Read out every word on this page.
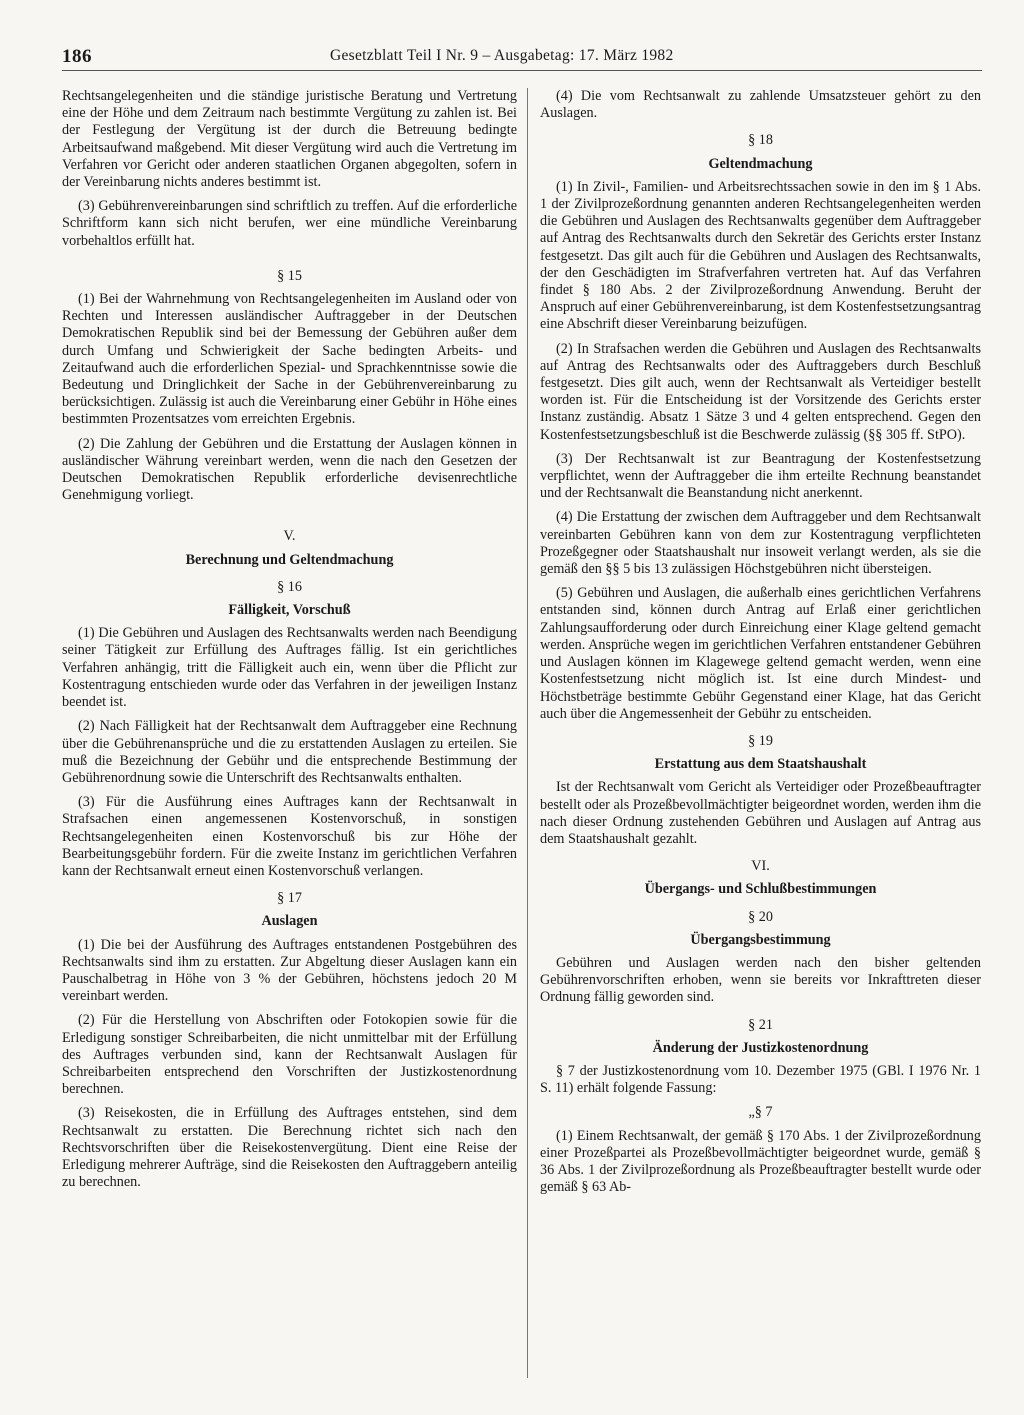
186	Gesetzblatt Teil I Nr. 9 – Ausgabetag: 17. März 1982

Rechtsangelegenheiten und die ständige juristische Beratung und Vertretung eine der Höhe und dem Zeitraum nach bestimmte Vergütung zu zahlen ist. Bei der Festlegung der Vergütung ist der durch die Betreuung bedingte Arbeitsaufwand maßgebend. Mit dieser Vergütung wird auch die Vertretung im Verfahren vor Gericht oder anderen staatlichen Organen abgegolten, sofern in der Vereinbarung nichts anderes bestimmt ist.

(3) Gebührenvereinbarungen sind schriftlich zu treffen. Auf die erforderliche Schriftform kann sich nicht berufen, wer eine mündliche Vereinbarung vorbehaltlos erfüllt hat.

§ 15

(1) Bei der Wahrnehmung von Rechtsangelegenheiten im Ausland oder von Rechten und Interessen ausländischer Auftraggeber in der Deutschen Demokratischen Republik sind bei der Bemessung der Gebühren außer dem durch Umfang und Schwierigkeit der Sache bedingten Arbeits- und Zeitaufwand auch die erforderlichen Spezial- und Sprachkenntnisse sowie die Bedeutung und Dringlichkeit der Sache in der Gebührenvereinbarung zu berücksichtigen. Zulässig ist auch die Vereinbarung einer Gebühr in Höhe eines bestimmten Prozentsatzes vom erreichten Ergebnis.

(2) Die Zahlung der Gebühren und die Erstattung der Auslagen können in ausländischer Währung vereinbart werden, wenn die nach den Gesetzen der Deutschen Demokratischen Republik erforderliche devisenrechtliche Genehmigung vorliegt.

V.
Berechnung und Geltendmachung
§ 16
Fälligkeit, Vorschuß

(1) Die Gebühren und Auslagen des Rechtsanwalts werden nach Beendigung seiner Tätigkeit zur Erfüllung des Auftrages fällig. Ist ein gerichtliches Verfahren anhängig, tritt die Fälligkeit auch ein, wenn über die Pflicht zur Kostentragung entschieden wurde oder das Verfahren in der jeweiligen Instanz beendet ist.

(2) Nach Fälligkeit hat der Rechtsanwalt dem Auftraggeber eine Rechnung über die Gebührenansprüche und die zu erstattenden Auslagen zu erteilen. Sie muß die Bezeichnung der Gebühr und die entsprechende Bestimmung der Gebührenordnung sowie die Unterschrift des Rechtsanwalts enthalten.

(3) Für die Ausführung eines Auftrages kann der Rechtsanwalt in Strafsachen einen angemessenen Kostenvorschuß, in sonstigen Rechtsangelegenheiten einen Kostenvorschuß bis zur Höhe der Bearbeitungsgebühr fordern. Für die zweite Instanz im gerichtlichen Verfahren kann der Rechtsanwalt erneut einen Kostenvorschuß verlangen.

§ 17
Auslagen

(1) Die bei der Ausführung des Auftrages entstandenen Postgebühren des Rechtsanwalts sind ihm zu erstatten. Zur Abgeltung dieser Auslagen kann ein Pauschalbetrag in Höhe von 3 % der Gebühren, höchstens jedoch 20 M vereinbart werden.

(2) Für die Herstellung von Abschriften oder Fotokopien sowie für die Erledigung sonstiger Schreibarbeiten, die nicht unmittelbar mit der Erfüllung des Auftrages verbunden sind, kann der Rechtsanwalt Auslagen für Schreibarbeiten entsprechend den Vorschriften der Justizkostenordnung berechnen.

(3) Reisekosten, die in Erfüllung des Auftrages entstehen, sind dem Rechtsanwalt zu erstatten. Die Berechnung richtet sich nach den Rechtsvorschriften über die Reisekostenvergütung. Dient eine Reise der Erledigung mehrerer Aufträge, sind die Reisekosten den Auftraggebern anteilig zu berechnen.

(4) Die vom Rechtsanwalt zu zahlende Umsatzsteuer gehört zu den Auslagen.

§ 18
Geltendmachung

(1) In Zivil-, Familien- und Arbeitsrechtssachen sowie in den im § 1 Abs. 1 der Zivilprozeßordnung genannten anderen Rechtsangelegenheiten werden die Gebühren und Auslagen des Rechtsanwalts gegenüber dem Auftraggeber auf Antrag des Rechtsanwalts durch den Sekretär des Gerichts erster Instanz festgesetzt. Das gilt auch für die Gebühren und Auslagen des Rechtsanwalts, der den Geschädigten im Strafverfahren vertreten hat. Auf das Verfahren findet § 180 Abs. 2 der Zivilprozeßordnung Anwendung. Beruht der Anspruch auf einer Gebührenvereinbarung, ist dem Kostenfestsetzungsantrag eine Abschrift dieser Vereinbarung beizufügen.

(2) In Strafsachen werden die Gebühren und Auslagen des Rechtsanwalts auf Antrag des Rechtsanwalts oder des Auftraggebers durch Beschluß festgesetzt. Dies gilt auch, wenn der Rechtsanwalt als Verteidiger bestellt worden ist. Für die Entscheidung ist der Vorsitzende des Gerichts erster Instanz zuständig. Absatz 1 Sätze 3 und 4 gelten entsprechend. Gegen den Kostenfestsetzungsbeschluß ist die Beschwerde zulässig (§§ 305 ff. StPO).

(3) Der Rechtsanwalt ist zur Beantragung der Kostenfestsetzung verpflichtet, wenn der Auftraggeber die ihm erteilte Rechnung beanstandet und der Rechtsanwalt die Beanstandung nicht anerkennt.

(4) Die Erstattung der zwischen dem Auftraggeber und dem Rechtsanwalt vereinbarten Gebühren kann von dem zur Kostentragung verpflichteten Prozeßgegner oder Staatshaushalt nur insoweit verlangt werden, als sie die gemäß den §§ 5 bis 13 zulässigen Höchstgebühren nicht übersteigen.

(5) Gebühren und Auslagen, die außerhalb eines gerichtlichen Verfahrens entstanden sind, können durch Antrag auf Erlaß einer gerichtlichen Zahlungsaufforderung oder durch Einreichung einer Klage geltend gemacht werden. Ansprüche wegen im gerichtlichen Verfahren entstandener Gebühren und Auslagen können im Klagewege geltend gemacht werden, wenn eine Kostenfestsetzung nicht möglich ist. Ist eine durch Mindest- und Höchstbeträge bestimmte Gebühr Gegenstand einer Klage, hat das Gericht auch über die Angemessenheit der Gebühr zu entscheiden.

§ 19
Erstattung aus dem Staatshaushalt

Ist der Rechtsanwalt vom Gericht als Verteidiger oder Prozeßbeauftragter bestellt oder als Prozeßbevollmächtigter beigeordnet worden, werden ihm die nach dieser Ordnung zustehenden Gebühren und Auslagen auf Antrag aus dem Staatshaushalt gezahlt.

VI.
Übergangs- und Schlußbestimmungen
§ 20
Übergangsbestimmung

Gebühren und Auslagen werden nach den bisher geltenden Gebührenvorschriften erhoben, wenn sie bereits vor Inkrafttreten dieser Ordnung fällig geworden sind.

§ 21
Änderung der Justizkostenordnung

§ 7 der Justizkostenordnung vom 10. Dezember 1975 (GBl. I 1976 Nr. 1 S. 11) erhält folgende Fassung:

„§ 7

(1) Einem Rechtsanwalt, der gemäß § 170 Abs. 1 der Zivilprozeßordnung einer Prozeßpartei als Prozeßbevollmächtigter beigeordnet wurde, gemäß § 36 Abs. 1 der Zivilprozeßordnung als Prozeßbeauftragter bestellt wurde oder gemäß § 63 Ab-
